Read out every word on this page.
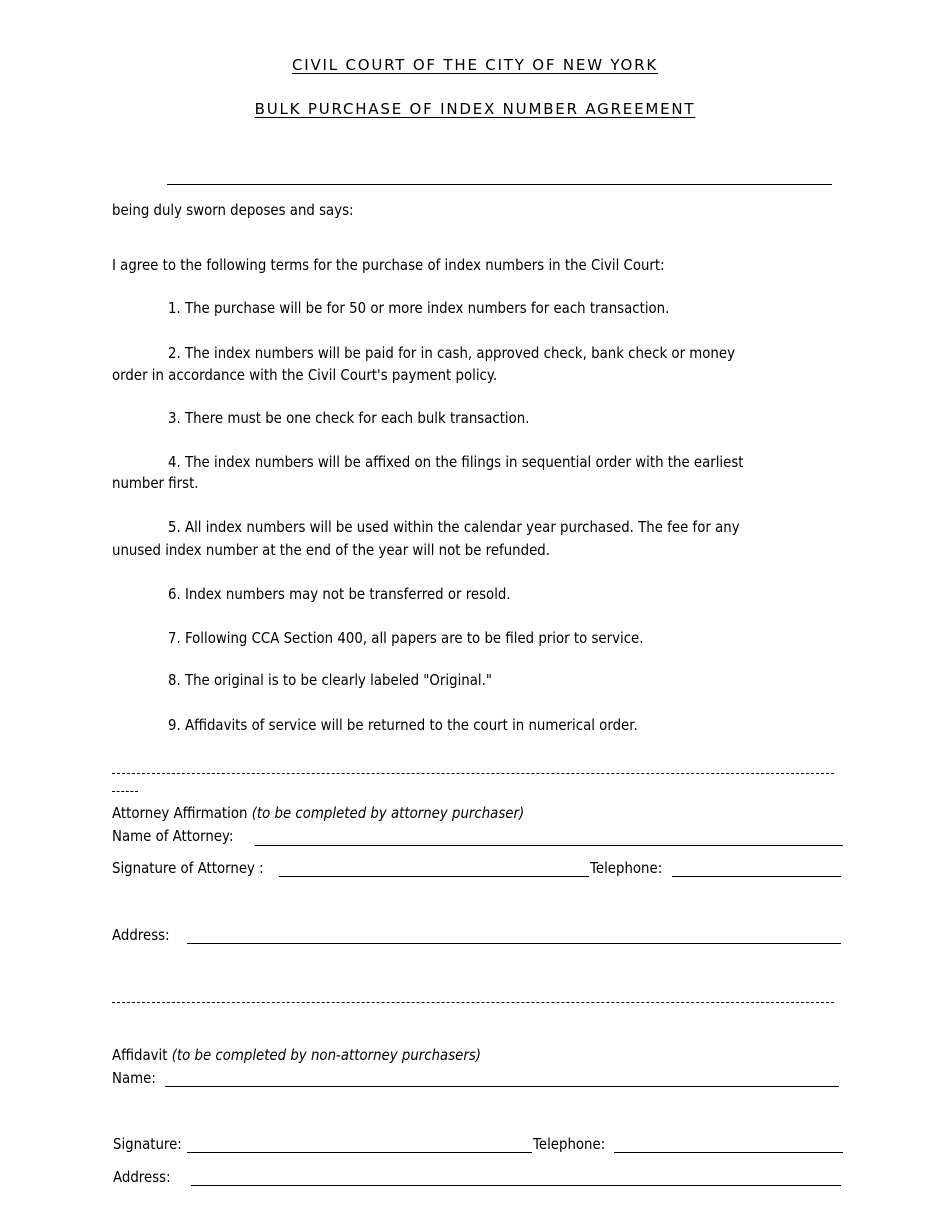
CIVIL COURT OF THE CITY OF NEW YORK
BULK PURCHASE OF INDEX NUMBER AGREEMENT
being duly sworn deposes and says:
I agree to the following terms for the purchase of index numbers in the Civil Court:
1. The purchase will be for 50 or more index numbers for each transaction.
2. The index numbers will be paid for in cash, approved check, bank check or money
order in accordance with the Civil Court's payment policy.
3. There must be one check for each bulk transaction.
4. The index numbers will be affixed on the filings in sequential order with the earliest
number first.
5. All index numbers will be used within the calendar year purchased. The fee for any
unused index number at the end of the year will not be refunded.
6. Index numbers may not be transferred or resold.
7. Following CCA Section 400, all papers are to be filed prior to service.
8. The original is to be clearly labeled "Original."
9. Affidavits of service will be returned to the court in numerical order.
Attorney Affirmation (to be completed by attorney purchaser)
Name of Attorney:
Signature of Attorney :	Telephone:
Address:
Affidavit (to be completed by non-attorney purchasers)
Name:
Signature:	Telephone:
Address:
